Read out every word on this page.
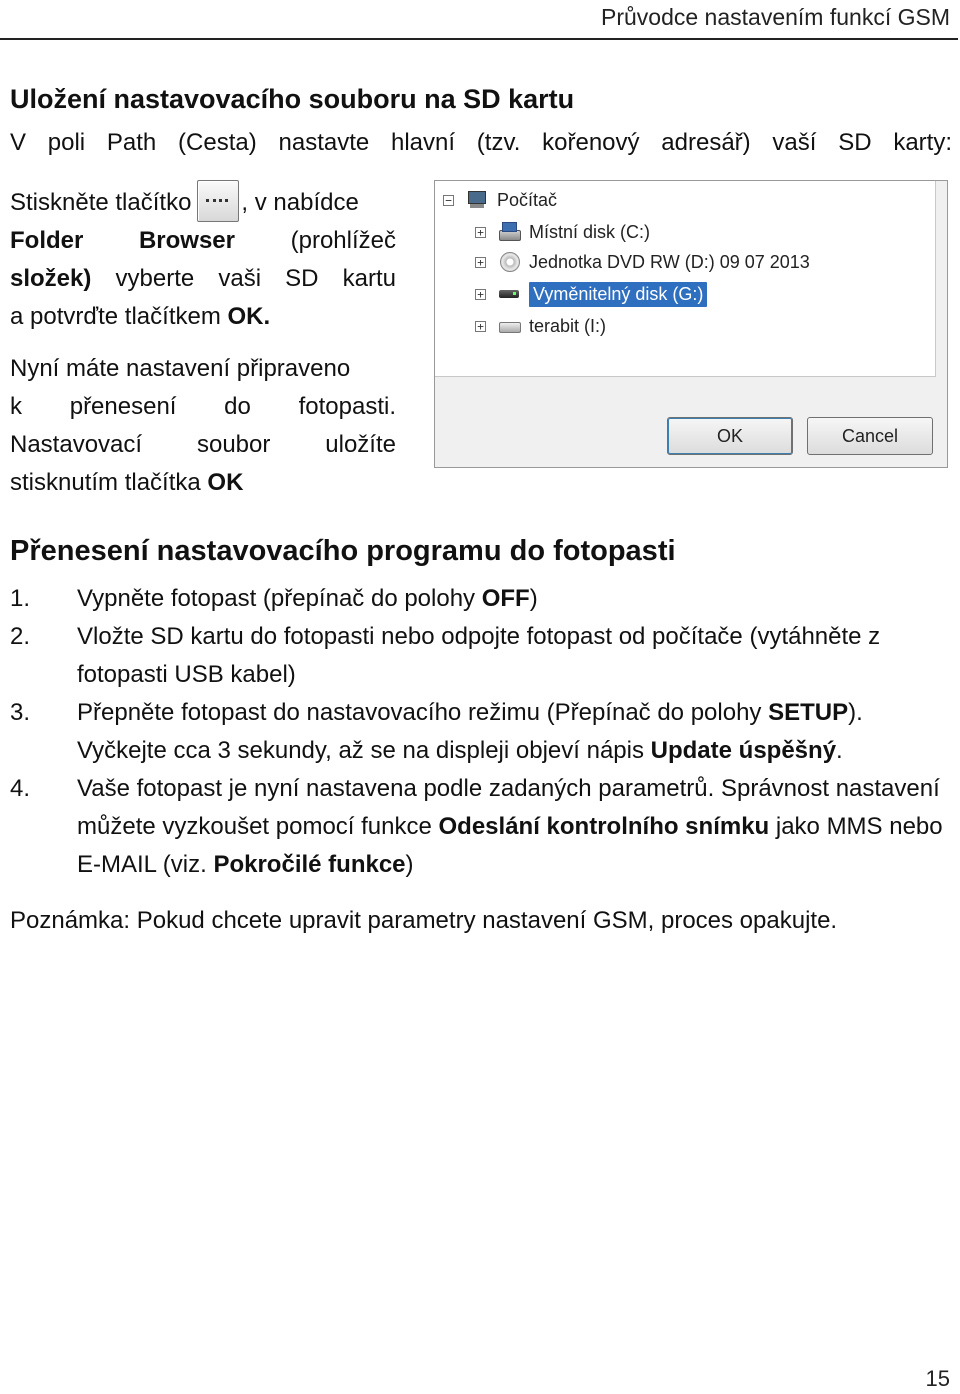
Průvodce nastavením funkcí GSM
Uložení nastavovacího souboru na SD kartu
V poli Path (Cesta) nastavte hlavní (tzv. kořenový adresář) vaší SD karty:
Stiskněte tlačítko , v nabídce
Folder Browser (prohlížeč
složek) vyberte vaši SD kartu
a potvrďte tlačítkem OK.
Nyní máte nastavení připraveno
k přenesení do fotopasti.
Nastavovací soubor uložíte
stisknutím tlačítka OK
−	Počítač
+	Místní disk (C:)
+	Jednotka DVD RW (D:) 09 07 2013
+	Vyměnitelný disk (G:)
+	terabit (I:)
OK	Cancel
Přenesení nastavovacího programu do fotopasti
1. Vypněte fotopast (přepínač do polohy OFF)
2. Vložte SD kartu do fotopasti nebo odpojte fotopast od počítače (vytáhněte z fotopasti USB kabel)
3. Přepněte fotopast do nastavovacího režimu (Přepínač do polohy SETUP). Vyčkejte cca 3 sekundy, až se na displeji objeví nápis Update úspěšný.
4. Vaše fotopast je nyní nastavena podle zadaných parametrů. Správnost nastavení můžete vyzkoušet pomocí funkce Odeslání kontrolního snímku jako MMS nebo E-MAIL (viz. Pokročilé funkce)
Poznámka: Pokud chcete upravit parametry nastavení GSM, proces opakujte.
15
